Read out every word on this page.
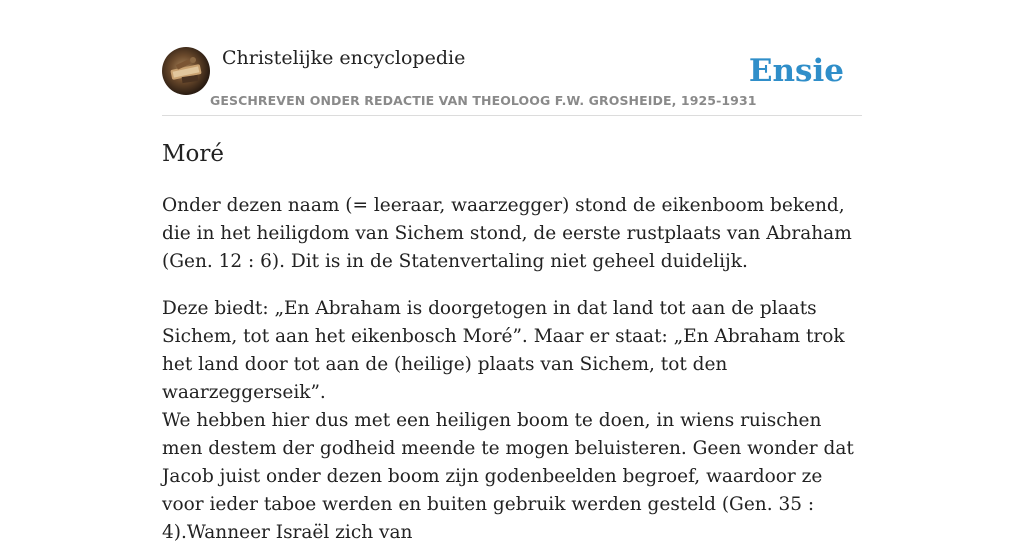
Christelijke encyclopedie
GESCHREVEN ONDER REDACTIE VAN THEOLOOG F.W. GROSHEIDE, 1925-1931
Ensie
Moré

Onder dezen naam (= leeraar, waarzegger) stond de eikenboom bekend, die in het heiligdom van Sichem stond, de eerste rustplaats van Abraham (Gen. 12 : 6). Dit is in de Statenvertaling niet geheel duidelijk.

Deze biedt: „En Abraham is doorgetogen in dat land tot aan de plaats Sichem, tot aan het eikenbosch Moré”. Maar er staat: „En Abraham trok het land door tot aan de (heilige) plaats van Sichem, tot den waarzeggerseik”.

We hebben hier dus met een heiligen boom te doen, in wiens ruischen men destem der godheid meende te mogen beluisteren. Geen wonder dat Jacob juist onder dezen boom zijn godenbeelden begroef, waardoor ze voor ieder taboe werden en buiten gebruik werden gesteld (Gen. 35 : 4).Wanneer Israël zich van
